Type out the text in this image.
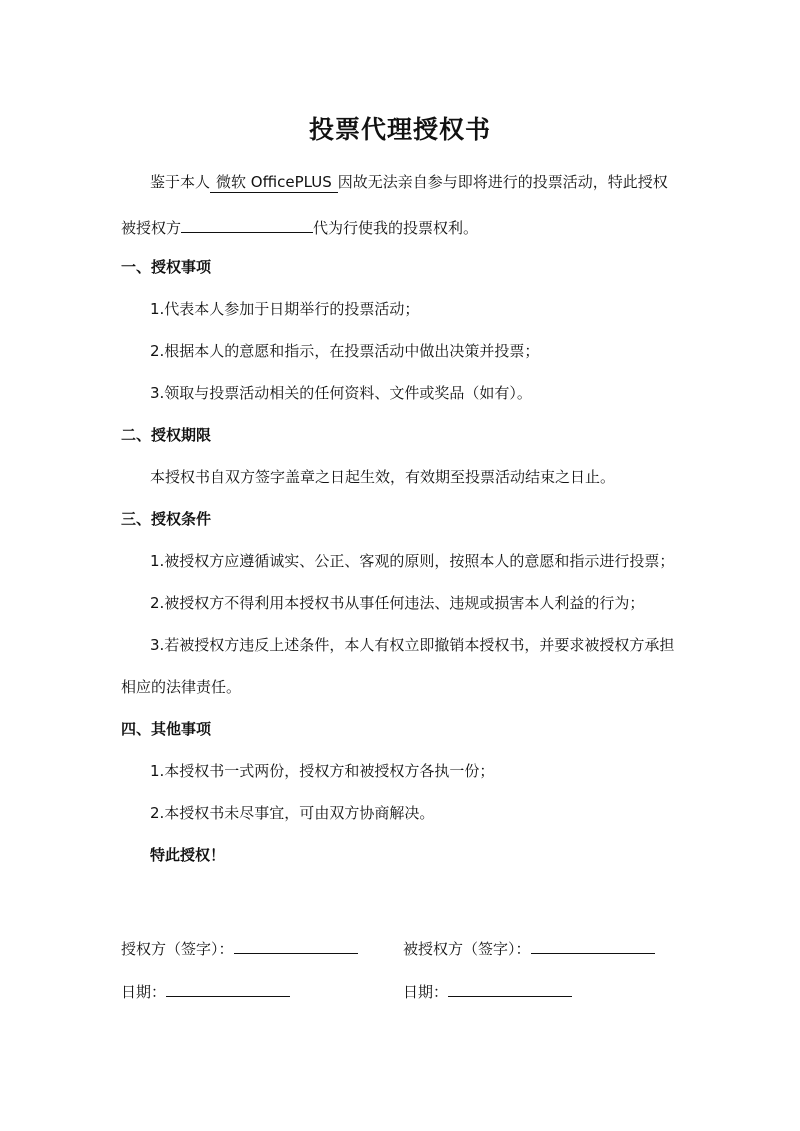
投票代理授权书
鉴于本人 微软 OfficePLUS 因故无法亲自参与即将进行的投票活动，特此授权
被授权方	代为行使我的投票权利。
一、授权事项
1.代表本人参加于日期举行的投票活动；
2.根据本人的意愿和指示，在投票活动中做出决策并投票；
3.领取与投票活动相关的任何资料、文件或奖品（如有）。
二、授权期限
本授权书自双方签字盖章之日起生效，有效期至投票活动结束之日止。
三、授权条件
1.被授权方应遵循诚实、公正、客观的原则，按照本人的意愿和指示进行投票；
2.被授权方不得利用本授权书从事任何违法、违规或损害本人利益的行为；
3.若被授权方违反上述条件，本人有权立即撤销本授权书，并要求被授权方承担
相应的法律责任。
四、其他事项
1.本授权书一式两份，授权方和被授权方各执一份；
2.本授权书未尽事宜，可由双方协商解决。
特此授权！
授权方（签字）：	被授权方（签字）：
日期：	日期：
